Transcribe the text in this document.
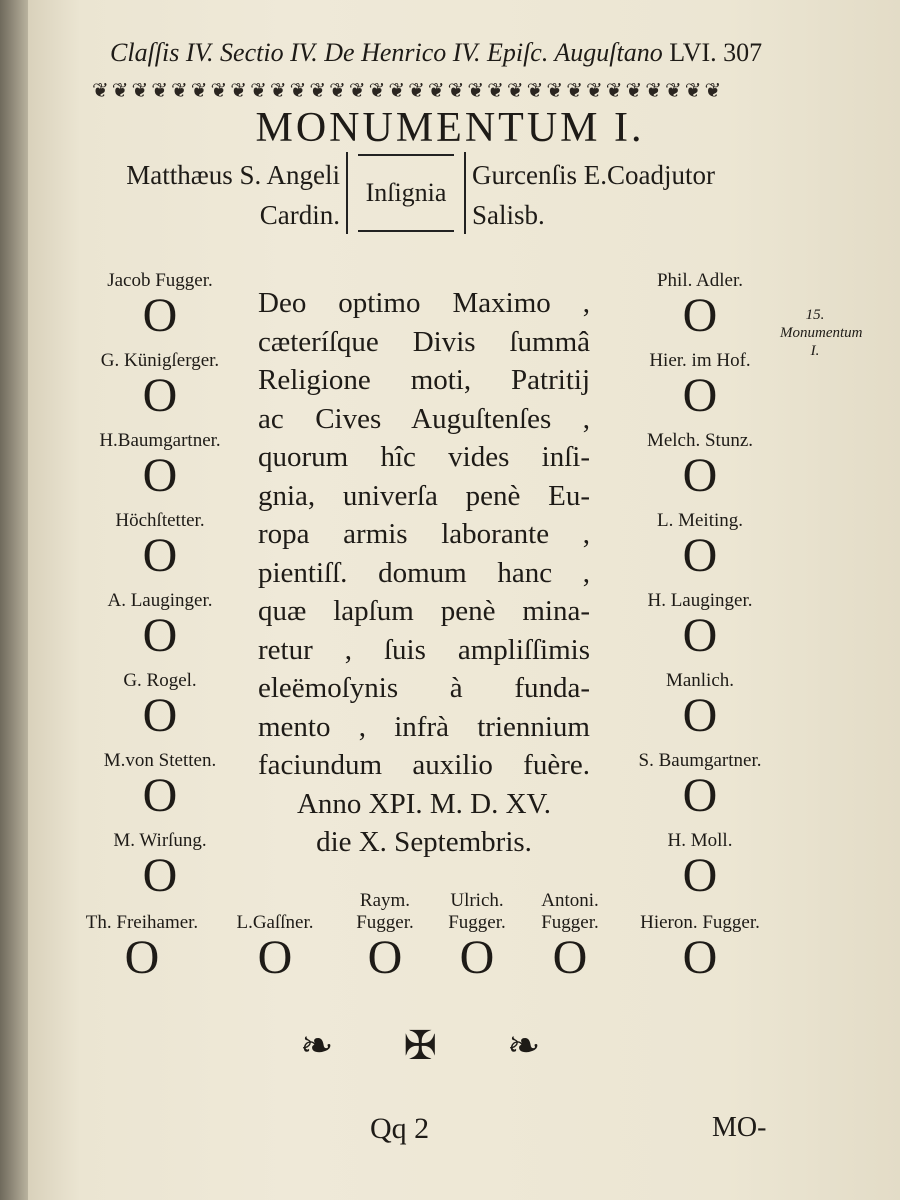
Claſſis IV. Sectio IV. De Henrico IV. Epiſc. Auguſtano LVI. 307
❦ ❦ ❦ ❦ ❦ ❦ ❦ ❦ ❦ ❦ ❦ ❦ ❦ ❦ ❦ ❦ ❦ ❦ ❦ ❦ ❦ ❦ ❦ ❦ ❦ ❦ ❦ ❦ ❦ ❦ ❦ ❦
MONUMENTUM I.
Matthæus S. Angeli
Cardin.
Inſignia
Gurcenſis E.Coadjutor
Salisb.
Jacob Fugger.
O
G. Künigſerger.
O
H.Baumgartner.
O
Höchſtetter.
O
A. Lauginger.
O
G. Rogel.
O
M.von Stetten.
O
M. Wirſung.
O
Phil. Adler.
O
Hier. im Hof.
O
Melch. Stunz.
O
L. Meiting.
O
H. Lauginger.
O
Manlich.
O
S. Baumgartner.
O
H. Moll.
O
Deo optimo Maximo ,
cæteríſque Divis ſummâ
Religione moti, Patritij
ac Cives Auguſtenſes ,
quorum hîc vides inſi-
gnia, univerſa penè Eu-
ropa armis laborante ,
pientiſſ. domum hanc ,
quæ lapſum penè mina-
retur , ſuis ampliſſimis
eleëmoſynis à funda-
mento , infrà triennium
faciundum auxilio fuère.
Anno XPI. M. D. XV.
die X. Septembris.
15.
Monumentum I.
Th. Freihamer.
O
L.Gaſſner.
O
Raym.
Fugger.
O
Ulrich.
Fugger.
O
Antoni.
Fugger.
O
Hieron. Fugger.
O
❧ ✠ ❧
Qq 2	MO-
